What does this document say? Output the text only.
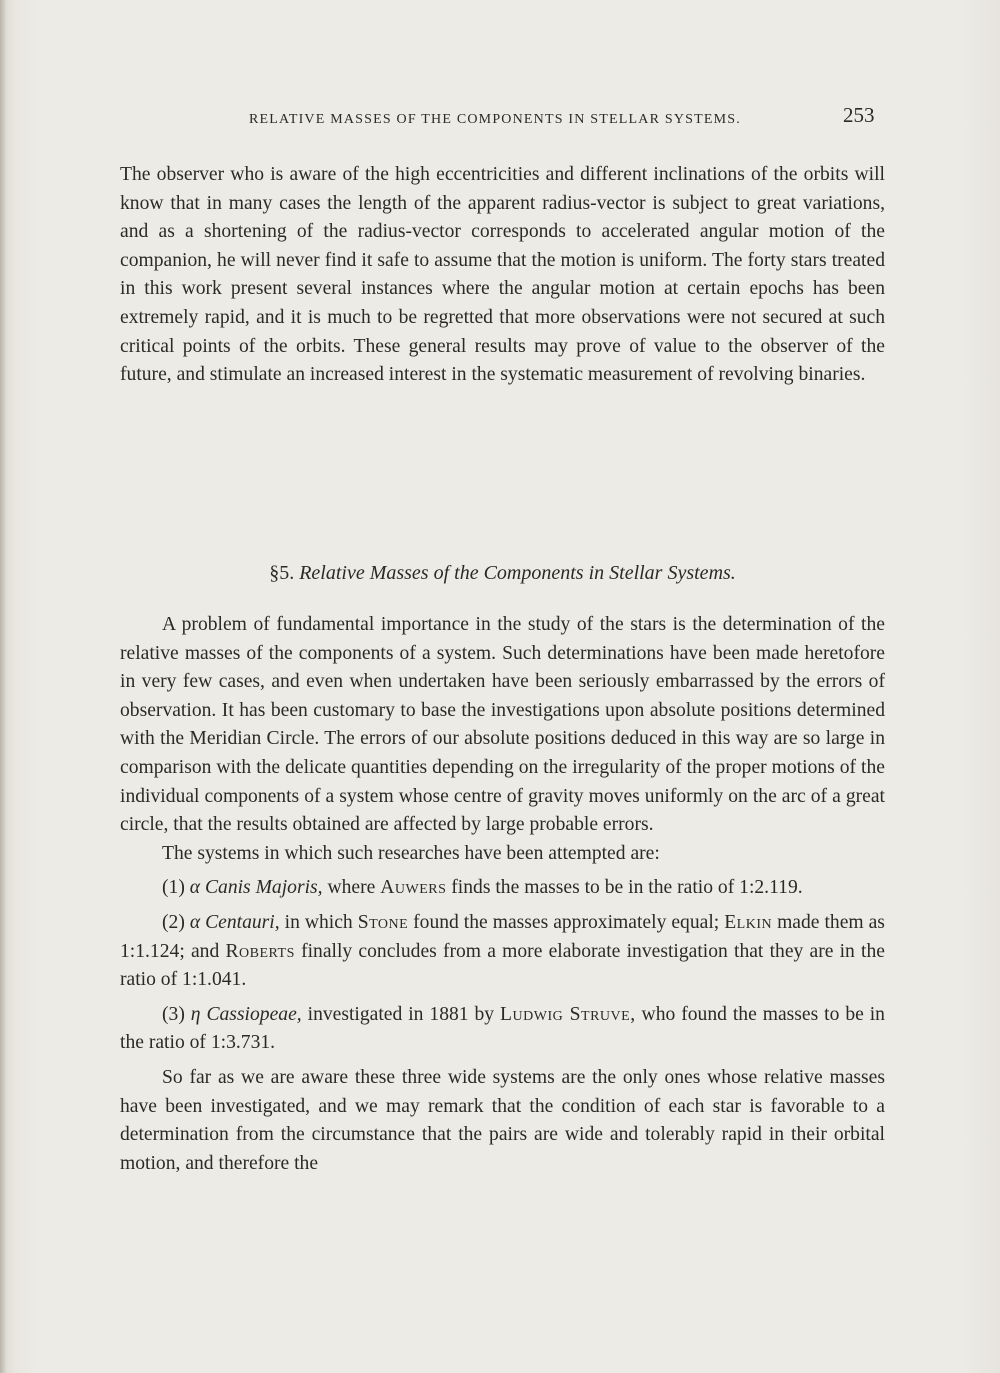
RELATIVE MASSES OF THE COMPONENTS IN STELLAR SYSTEMS.	253

The observer who is aware of the high eccentricities and different inclinations of the orbits will know that in many cases the length of the apparent radius-vector is subject to great variations, and as a shortening of the radius-vector corresponds to accelerated angular motion of the companion, he will never find it safe to assume that the motion is uniform. The forty stars treated in this work present several instances where the angular motion at certain epochs has been extremely rapid, and it is much to be regretted that more observations were not secured at such critical points of the orbits. These general results may prove of value to the observer of the future, and stimulate an increased interest in the systematic measurement of revolving binaries.

§5. Relative Masses of the Components in Stellar Systems.

A problem of fundamental importance in the study of the stars is the determination of the relative masses of the components of a system. Such determinations have been made heretofore in very few cases, and even when undertaken have been seriously embarrassed by the errors of observation. It has been customary to base the investigations upon absolute positions determined with the Meridian Circle. The errors of our absolute positions deduced in this way are so large in comparison with the delicate quantities depending on the irregularity of the proper motions of the individual components of a system whose centre of gravity moves uniformly on the arc of a great circle, that the results obtained are affected by large probable errors.

The systems in which such researches have been attempted are:

(1) α Canis Majoris, where Auwers finds the masses to be in the ratio of 1:2.119.

(2) α Centauri, in which Stone found the masses approximately equal; Elkin made them as 1:1.124; and Roberts finally concludes from a more elaborate investigation that they are in the ratio of 1:1.041.

(3) η Cassiopeae, investigated in 1881 by Ludwig Struve, who found the masses to be in the ratio of 1:3.731.

So far as we are aware these three wide systems are the only ones whose relative masses have been investigated, and we may remark that the condition of each star is favorable to a determination from the circumstance that the pairs are wide and tolerably rapid in their orbital motion, and therefore the
